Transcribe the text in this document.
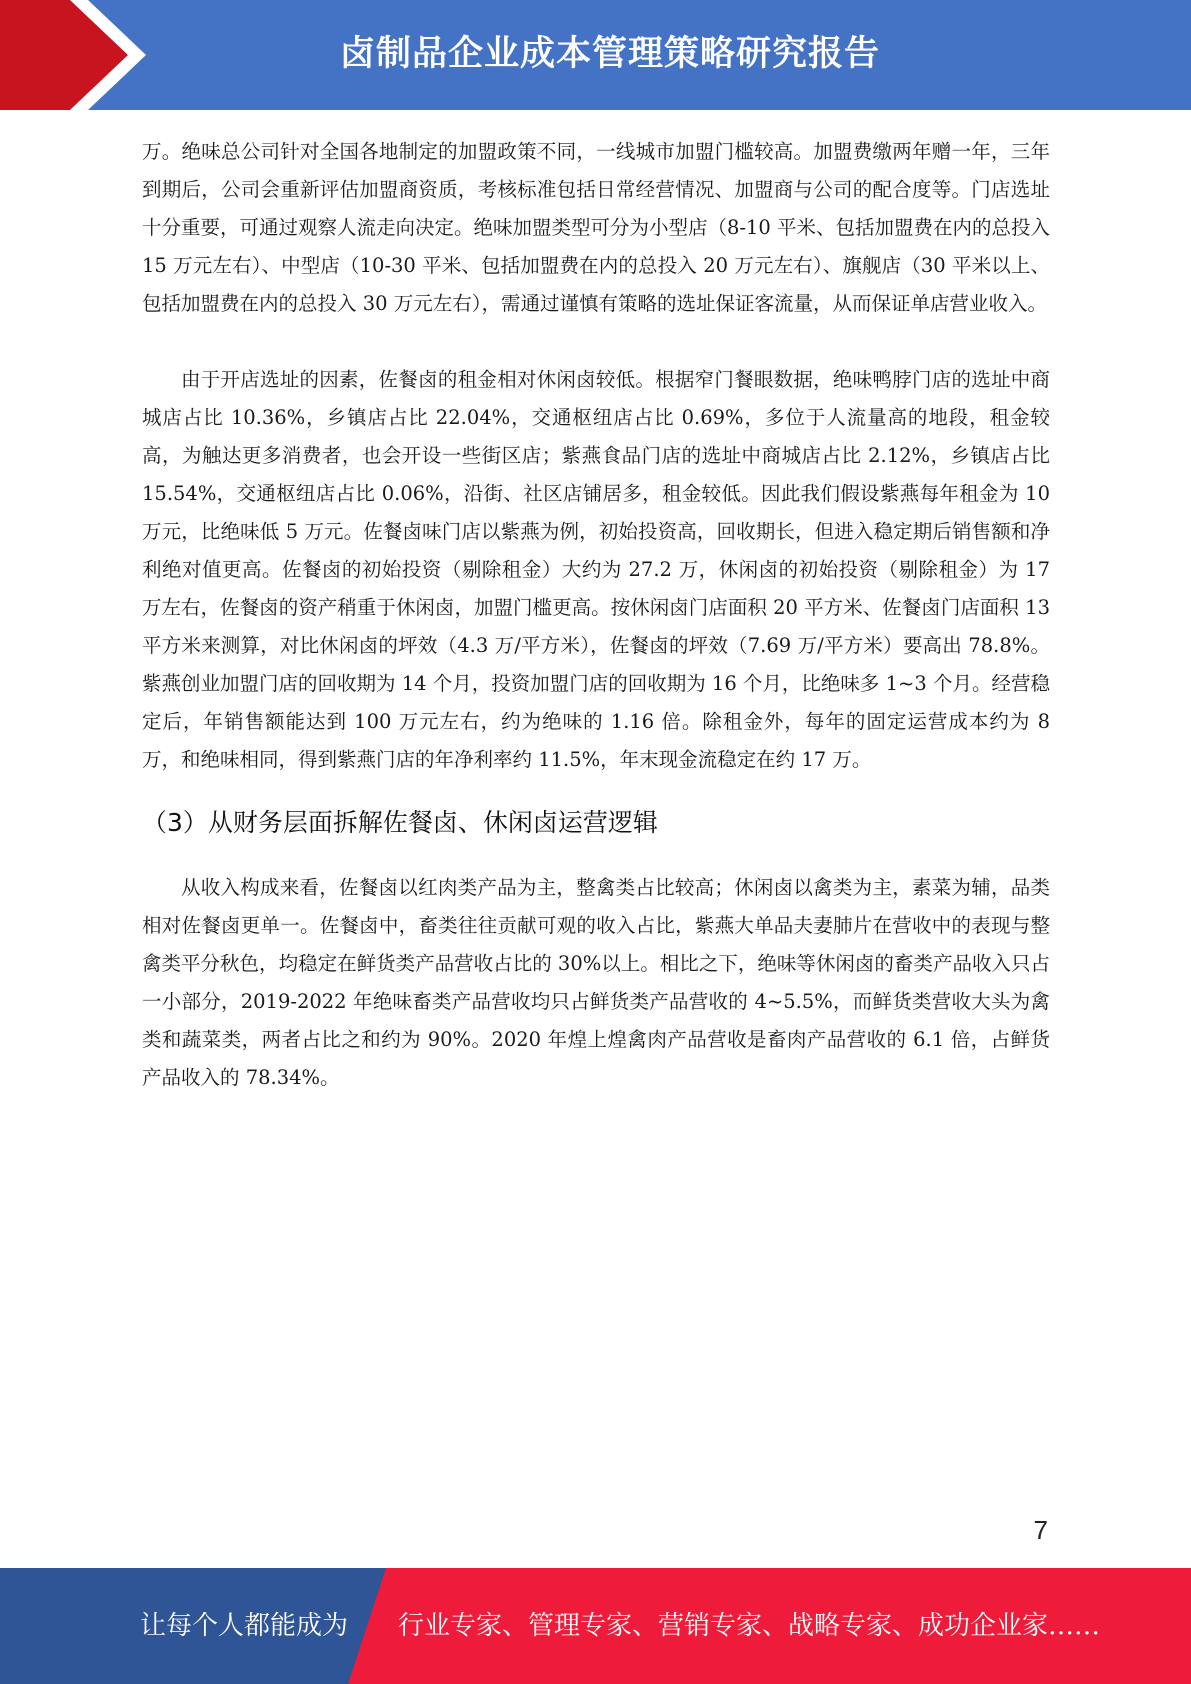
卤制品企业成本管理策略研究报告

万。绝味总公司针对全国各地制定的加盟政策不同，一线城市加盟门槛较高。加盟费缴两年赠一年，三年到期后，公司会重新评估加盟商资质，考核标准包括日常经营情况、加盟商与公司的配合度等。门店选址十分重要，可通过观察人流走向决定。绝味加盟类型可分为小型店（8-10 平米、包括加盟费在内的总投入 15 万元左右）、中型店（10-30 平米、包括加盟费在内的总投入 20 万元左右）、旗舰店（30 平米以上、包括加盟费在内的总投入 30 万元左右），需通过谨慎有策略的选址保证客流量，从而保证单店营业收入。

由于开店选址的因素，佐餐卤的租金相对休闲卤较低。根据窄门餐眼数据，绝味鸭脖门店的选址中商城店占比 10.36%，乡镇店占比 22.04%，交通枢纽店占比 0.69%，多位于人流量高的地段，租金较高，为触达更多消费者，也会开设一些街区店；紫燕食品门店的选址中商城店占比 2.12%，乡镇店占比 15.54%，交通枢纽店占比 0.06%，沿街、社区店铺居多，租金较低。因此我们假设紫燕每年租金为 10 万元，比绝味低 5 万元。佐餐卤味门店以紫燕为例，初始投资高，回收期长，但进入稳定期后销售额和净利绝对值更高。佐餐卤的初始投资（剔除租金）大约为 27.2 万，休闲卤的初始投资（剔除租金）为 17 万左右，佐餐卤的资产稍重于休闲卤，加盟门槛更高。按休闲卤门店面积 20 平方米、佐餐卤门店面积 13 平方米来测算，对比休闲卤的坪效（4.3 万/平方米），佐餐卤的坪效（7.69 万/平方米）要高出 78.8%。紫燕创业加盟门店的回收期为 14 个月，投资加盟门店的回收期为 16 个月，比绝味多 1~3 个月。经营稳定后，年销售额能达到 100 万元左右，约为绝味的 1.16 倍。除租金外，每年的固定运营成本约为 8 万，和绝味相同，得到紫燕门店的年净利率约 11.5%，年末现金流稳定在约 17 万。

（3）从财务层面拆解佐餐卤、休闲卤运营逻辑

从收入构成来看，佐餐卤以红肉类产品为主，整禽类占比较高；休闲卤以禽类为主，素菜为辅，品类相对佐餐卤更单一。佐餐卤中，畜类往往贡献可观的收入占比，紫燕大单品夫妻肺片在营收中的表现与整禽类平分秋色，均稳定在鲜货类产品营收占比的 30%以上。相比之下，绝味等休闲卤的畜类产品收入只占一小部分，2019-2022 年绝味畜类产品营收均只占鲜货类产品营收的 4~5.5%，而鲜货类营收大头为禽类和蔬菜类，两者占比之和约为 90%。2020 年煌上煌禽肉产品营收是畜肉产品营收的 6.1 倍，占鲜货产品收入的 78.34%。

7
让每个人都能成为 行业专家、管理专家、营销专家、战略专家、成功企业家……
